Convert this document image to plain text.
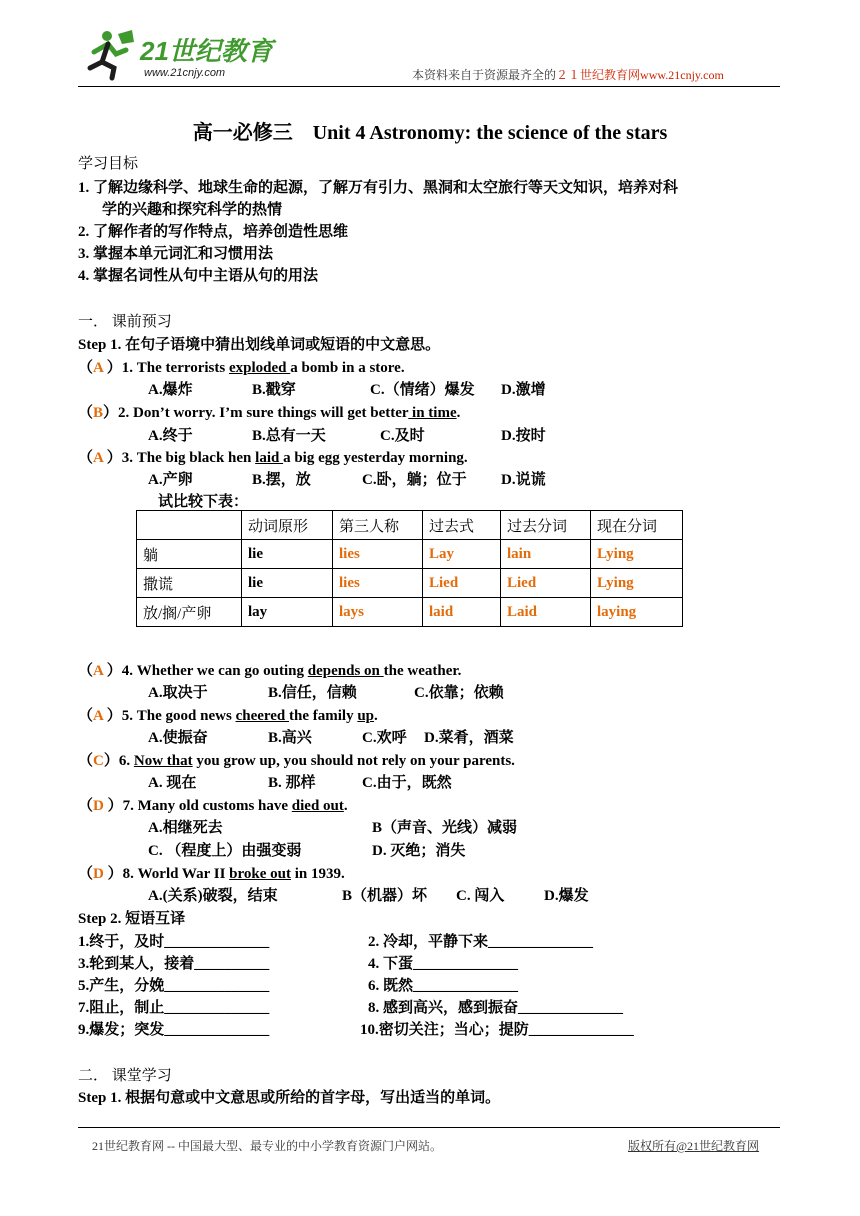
21世纪教育
www.21cnjy.com	本资料来自于资源最齐全的２１世纪教育网www.21cnjy.com
高一必修三　Unit 4 Astronomy: the science of the stars
学习目标
1. 了解边缘科学、地球生命的起源，了解万有引力、黑洞和太空旅行等天文知识，培养对科
学的兴趣和探究科学的热情
2. 了解作者的写作特点，培养创造性思维
3. 掌握本单元词汇和习惯用法
4. 掌握名词性从句中主语从句的用法
一． 课前预习
Step 1. 在句子语境中猜出划线单词或短语的中文意思。
（A ）1. The terrorists exploded a bomb in a store.
A.爆炸	B.戳穿	C.（情绪）爆发 D.激增
（B）2. Don’t worry. I’m sure things will get better in time.
A.终于	B.总有一天	C.及时	D.按时
（A ）3. The big black hen laid a big egg yesterday morning.
A.产卵	B.摆，放	C.卧，躺；位于 D.说谎
试比较下表：
	动词原形	第三人称	过去式	过去分词	现在分词
躺	lie	lies	Lay	lain	Lying
撒谎	lie	lies	Lied	Lied	Lying
放/搁/产卵	lay	lays	laid	Laid	laying
（A ）4. Whether we can go outing depends on the weather.
A.取决于	B.信任，信赖	C.依靠；依赖
（A ）5. The good news cheered the family up.
A.使振奋	B.高兴	C.欢呼 D.菜肴，酒菜
（C）6. Now that you grow up, you should not rely on your parents.
A. 现在	B. 那样	C.由于，既然
（D ）7. Many old customs have died out.
A.相继死去	B（声音、光线）减弱
C. （程度上）由强变弱	D. 灭绝；消失
（D ）8. World War II broke out in 1939.
A.(关系)破裂，结束	B（机器）坏 C. 闯入	D.爆发
Step 2. 短语互译
1.终于，及时______________	2. 冷却，平静下来______________
3.轮到某人，接着__________	4. 下蛋______________
5.产生，分娩______________	6. 既然______________
7.阻止，制止______________	8. 感到高兴，感到振奋______________
9.爆发；突发______________	10.密切关注；当心；提防______________
二． 课堂学习
Step 1. 根据句意或中文意思或所给的首字母，写出适当的单词。
21世纪教育网 -- 中国最大型、最专业的中小学教育资源门户网站。	版权所有@21世纪教育网
